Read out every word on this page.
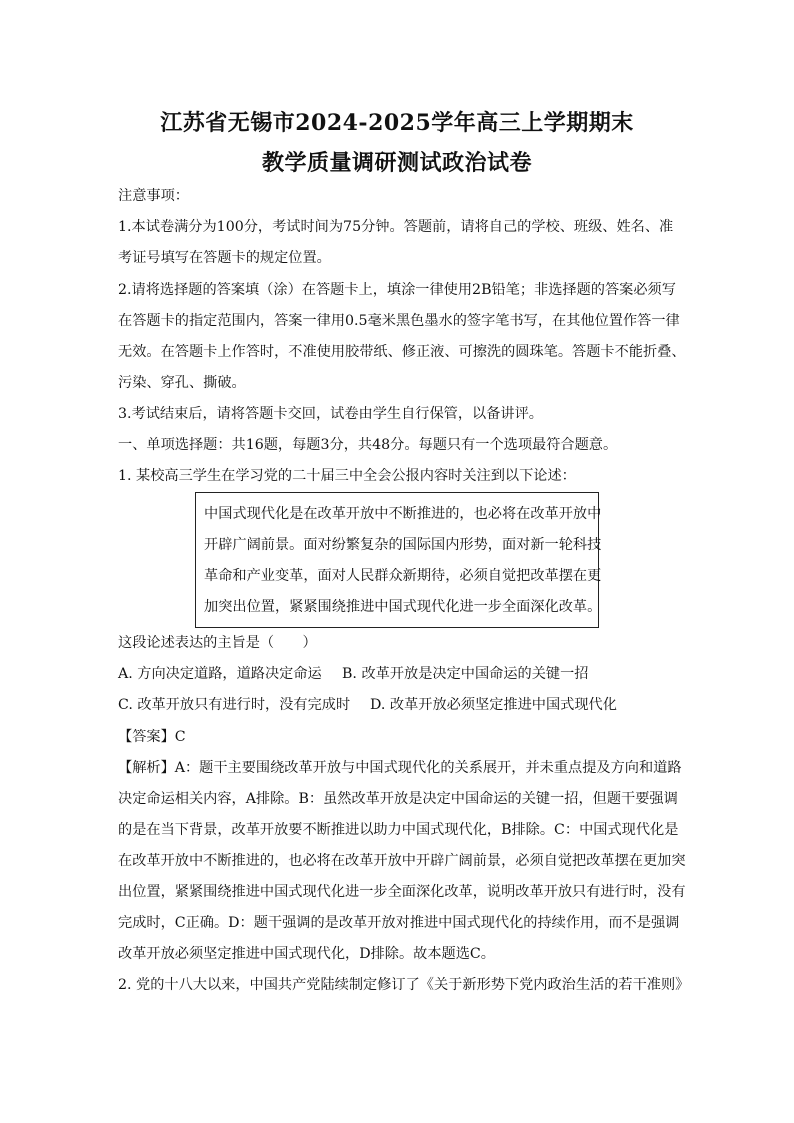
江苏省无锡市2024-2025学年高三上学期期末
教学质量调研测试政治试卷
注意事项：
1.本试卷满分为100分，考试时间为75分钟。答题前，请将自己的学校、班级、姓名、准
考证号填写在答题卡的规定位置。
2.请将选择题的答案填（涂）在答题卡上，填涂一律使用2B铅笔；非选择题的答案必须写
在答题卡的指定范围内，答案一律用0.5毫米黑色墨水的签字笔书写，在其他位置作答一律
无效。在答题卡上作答时，不准使用胶带纸、修正液、可擦洗的圆珠笔。答题卡不能折叠、
污染、穿孔、撕破。
3.考试结束后，请将答题卡交回，试卷由学生自行保管，以备讲评。
一、单项选择题：共16题，每题3分，共48分。每题只有一个选项最符合题意。
1. 某校高三学生在学习党的二十届三中全会公报内容时关注到以下论述：
中国式现代化是在改革开放中不断推进的，也必将在改革开放中
开辟广阔前景。面对纷繁复杂的国际国内形势，面对新一轮科技
革命和产业变革，面对人民群众新期待，必须自觉把改革摆在更
加突出位置，紧紧围绕推进中国式现代化进一步全面深化改革。
这段论述表达的主旨是（　　）
A. 方向决定道路，道路决定命运 B. 改革开放是决定中国命运的关键一招
C. 改革开放只有进行时，没有完成时 D. 改革开放必须坚定推进中国式现代化
【答案】C
【解析】A：题干主要围绕改革开放与中国式现代化的关系展开，并未重点提及方向和道路
决定命运相关内容，A排除。B：虽然改革开放是决定中国命运的关键一招，但题干要强调
的是在当下背景，改革开放要不断推进以助力中国式现代化，B排除。C：中国式现代化是
在改革开放中不断推进的，也必将在改革开放中开辟广阔前景，必须自觉把改革摆在更加突
出位置，紧紧围绕推进中国式现代化进一步全面深化改革，说明改革开放只有进行时，没有
完成时，C正确。D：题干强调的是改革开放对推进中国式现代化的持续作用，而不是强调
改革开放必须坚定推进中国式现代化，D排除。故本题选C。
2. 党的十八大以来，中国共产党陆续制定修订了《关于新形势下党内政治生活的若干准则》
